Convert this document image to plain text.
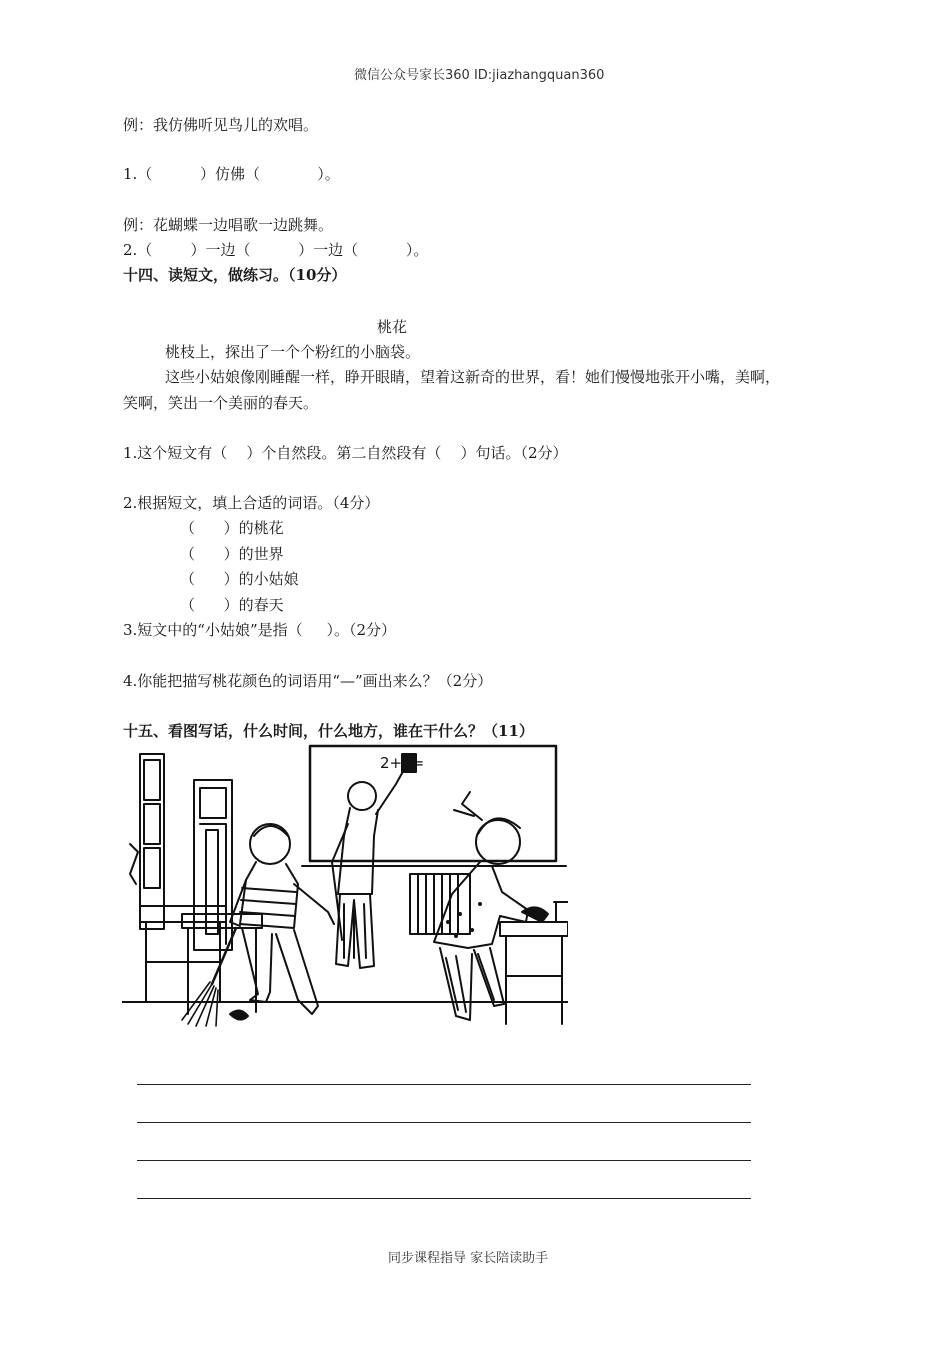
微信公众号家长360 ID:jiazhangquan360
例：我仿佛听见鸟儿的欢唱。
1.（          ）仿佛（            ）。
例：花蝴蝶一边唱歌一边跳舞。
2.（        ）一边（          ）一边（          ）。
十四、读短文，做练习。（10分）
桃花
桃枝上，探出了一个个粉红的小脑袋。
这些小姑娘像刚睡醒一样，睁开眼睛，望着这新奇的世界，看！她们慢慢地张开小嘴，美啊，
笑啊，笑出一个美丽的春天。
1.这个短文有（    ）个自然段。第二自然段有（    ）句话。（2分）
2.根据短文，填上合适的词语。（4分）
（      ）的桃花
（      ）的世界
（      ）的小姑娘
（      ）的春天
3.短文中的“小姑娘”是指（     ）。（2分）
4.你能把描写桃花颜色的词语用“—”画出来么？（2分）
十五、看图写话，什么时间，什么地方，谁在干什么？（11）
2+8=
同步课程指导 家长陪读助手
